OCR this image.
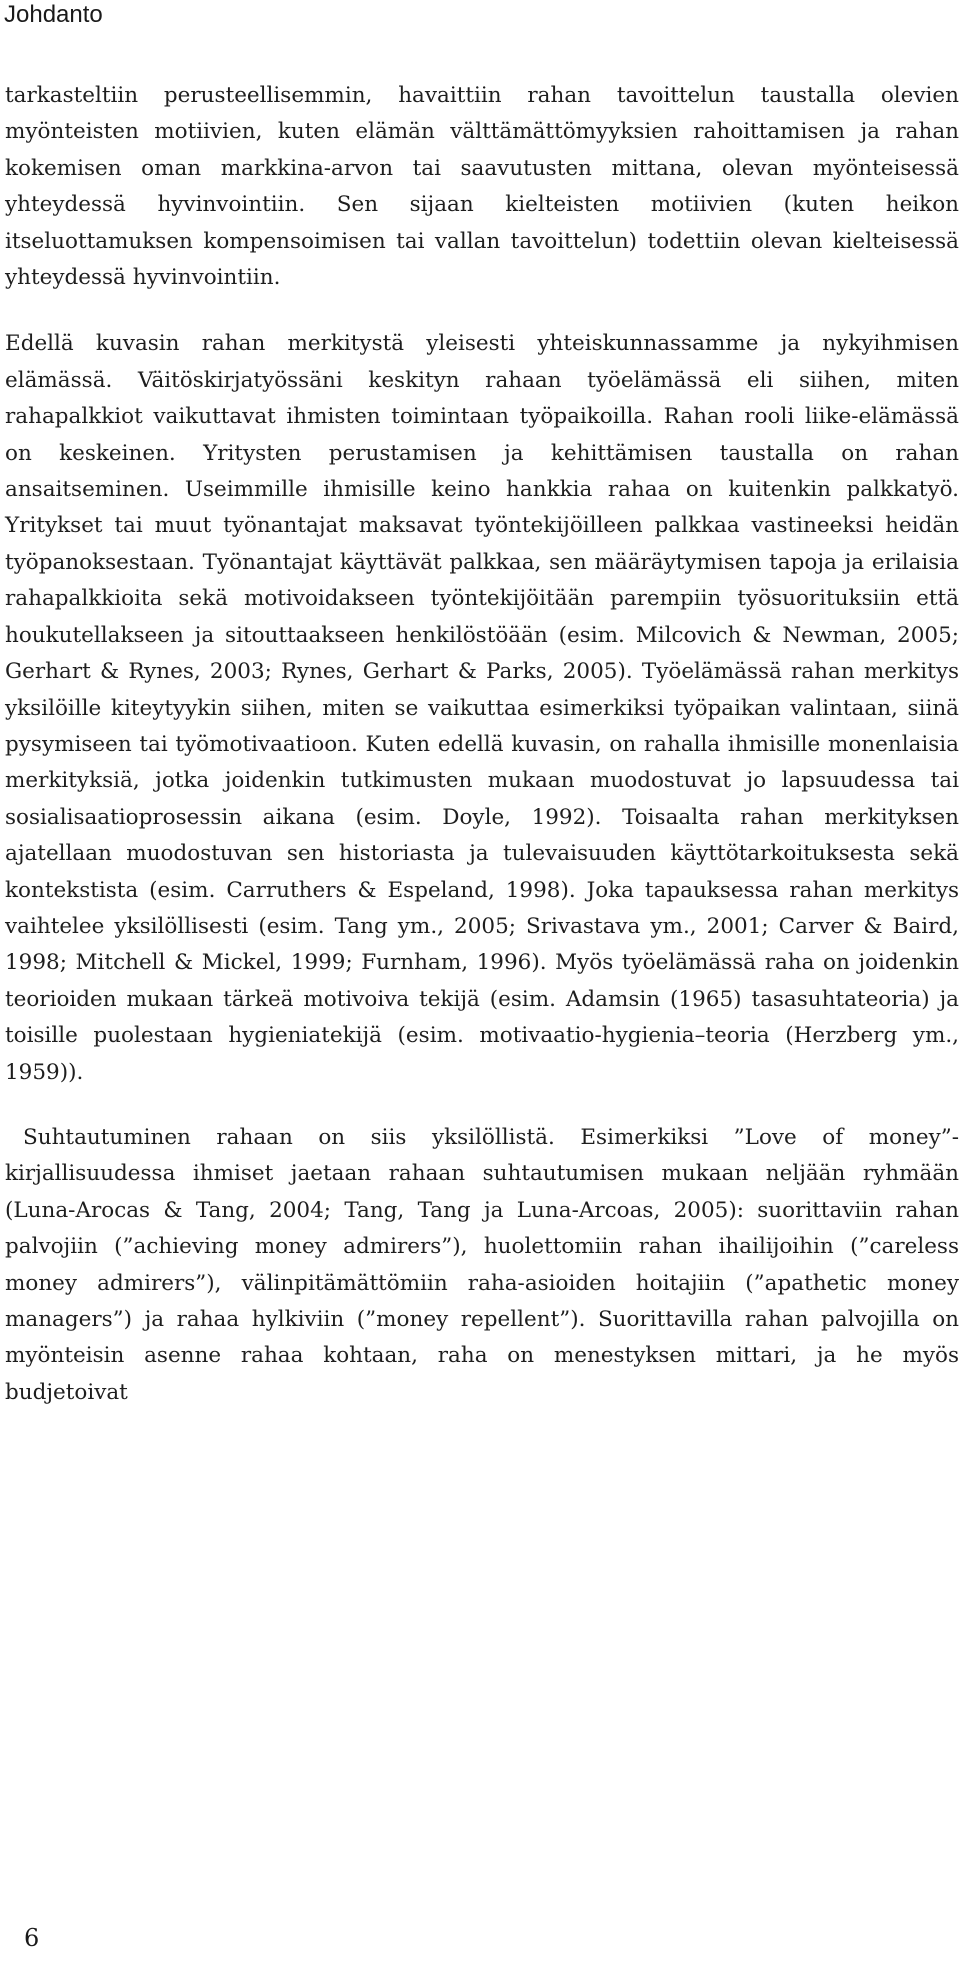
Johdanto

tarkasteltiin perusteellisemmin, havaittiin rahan tavoittelun taustalla olevien myönteisten motiivien, kuten elämän välttämättömyyksien rahoittamisen ja rahan kokemisen oman markkina-arvon tai saavutusten mittana, olevan myönteisessä yhteydessä hyvinvointiin. Sen sijaan kielteisten motiivien (kuten heikon itseluottamuksen kompensoimisen tai vallan tavoittelun) todettiin olevan kielteisessä yhteydessä hyvinvointiin.

Edellä kuvasin rahan merkitystä yleisesti yhteiskunnassamme ja nykyihmisen elämässä. Väitöskirjatyössäni keskityn rahaan työelämässä eli siihen, miten rahapalkkiot vaikuttavat ihmisten toimintaan työpaikoilla. Rahan rooli liike-elämässä on keskeinen. Yritysten perustamisen ja kehittämisen taustalla on rahan ansaitseminen. Useimmille ihmisille keino hankkia rahaa on kuitenkin palkkatyö. Yritykset tai muut työnantajat maksavat työntekijöilleen palkkaa vastineeksi heidän työpanoksestaan. Työnantajat käyttävät palkkaa, sen määräytymisen tapoja ja erilaisia rahapalkkioita sekä motivoidakseen työntekijöitään parempiin työsuorituksiin että houkutellakseen ja sitouttaakseen henkilöstöään (esim. Milcovich & Newman, 2005; Gerhart & Rynes, 2003; Rynes, Gerhart & Parks, 2005). Työelämässä rahan merkitys yksilöille kiteytyykin siihen, miten se vaikuttaa esimerkiksi työpaikan valintaan, siinä pysymiseen tai työmotivaatioon. Kuten edellä kuvasin, on rahalla ihmisille monenlaisia merkityksiä, jotka joidenkin tutkimusten mukaan muodostuvat jo lapsuudessa tai sosialisaatioprosessin aikana (esim. Doyle, 1992). Toisaalta rahan merkityksen ajatellaan muodostuvan sen historiasta ja tulevaisuuden käyttötarkoituksesta sekä kontekstista (esim. Carruthers & Espeland, 1998). Joka tapauksessa rahan merkitys vaihtelee yksilöllisesti (esim. Tang ym., 2005; Srivastava ym., 2001; Carver & Baird, 1998; Mitchell & Mickel, 1999; Furnham, 1996). Myös työelämässä raha on joidenkin teorioiden mukaan tärkeä motivoiva tekijä (esim. Adamsin (1965) tasasuhtateoria) ja toisille puolestaan hygieniatekijä (esim. motivaatio-hygienia–teoria (Herzberg ym., 1959)).

Suhtautuminen rahaan on siis yksilöllistä. Esimerkiksi ”Love of money”-kirjallisuudessa ihmiset jaetaan rahaan suhtautumisen mukaan neljään ryhmään (Luna-Arocas & Tang, 2004; Tang, Tang ja Luna-Arcoas, 2005): suorittaviin rahan palvojiin (”achieving money admirers”), huolettomiin rahan ihailijoihin (”careless money admirers”), välinpitämättömiin raha-asioiden hoitajiin (”apathetic money managers”) ja rahaa hylkiviin (”money repellent”). Suorittavilla rahan palvojilla on myönteisin asenne rahaa kohtaan, raha on menestyksen mittari, ja he myös budjetoivat

6
